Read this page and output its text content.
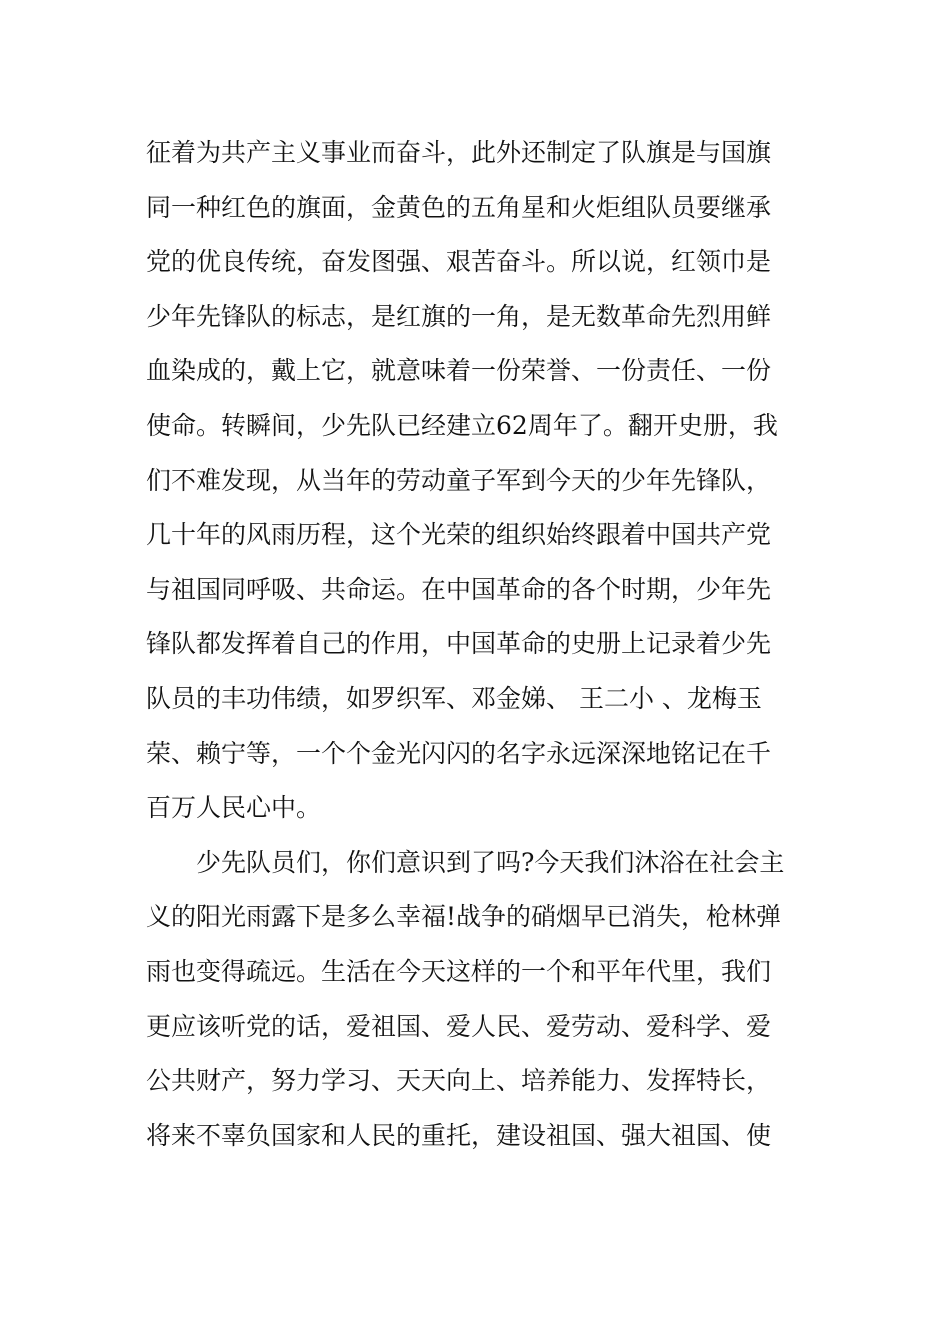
征着为共产主义事业而奋斗，此外还制定了队旗是与国旗
同一种红色的旗面，金黄色的五角星和火炬组队员要继承
党的优良传统，奋发图强、艰苦奋斗。所以说，红领巾是
少年先锋队的标志，是红旗的一角，是无数革命先烈用鲜
血染成的，戴上它，就意味着一份荣誉、一份责任、一份
使命。转瞬间，少先队已经建立62周年了。翻开史册，我
们不难发现，从当年的劳动童子军到今天的少年先锋队，
几十年的风雨历程，这个光荣的组织始终跟着中国共产党
与祖国同呼吸、共命运。在中国革命的各个时期，少年先
锋队都发挥着自己的作用，中国革命的史册上记录着少先
队员的丰功伟绩，如罗织军、邓金娣、 王二小 、龙梅玉
荣、赖宁等，一个个金光闪闪的名字永远深深地铭记在千
百万人民心中。
少先队员们，你们意识到了吗?今天我们沐浴在社会主
义的阳光雨露下是多么幸福!战争的硝烟早已消失，枪林弹
雨也变得疏远。生活在今天这样的一个和平年代里，我们
更应该听党的话，爱祖国、爱人民、爱劳动、爱科学、爱
公共财产，努力学习、天天向上、培养能力、发挥特长，
将来不辜负国家和人民的重托，建设祖国、强大祖国、使
